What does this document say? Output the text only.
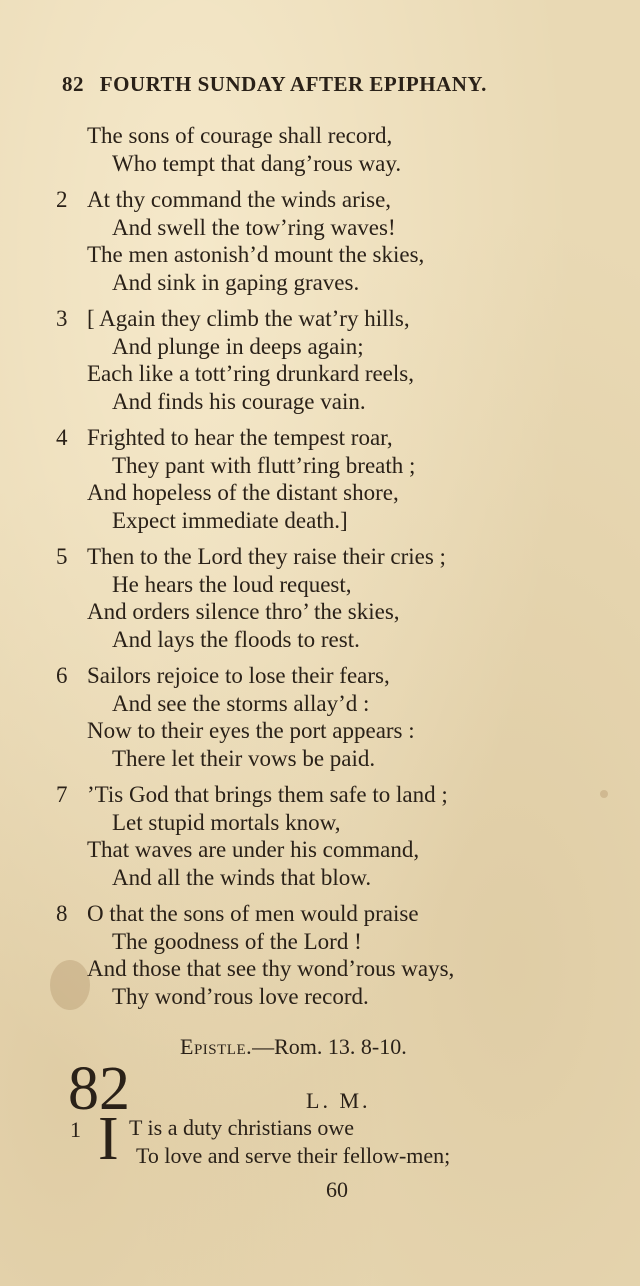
82 FOURTH SUNDAY AFTER EPIPHANY.
The sons of courage shall record,
Who tempt that dang’rous way.
2 At thy command the winds arise,
And swell the tow’ring waves!
The men astonish’d mount the skies,
And sink in gaping graves.
3 [ Again they climb the wat’ry hills,
And plunge in deeps again;
Each like a tott’ring drunkard reels,
And finds his courage vain.
4 Frighted to hear the tempest roar,
They pant with flutt’ring breath ;
And hopeless of the distant shore,
Expect immediate death.]
5 Then to the Lord they raise their cries ;
He hears the loud request,
And orders silence thro’ the skies,
And lays the floods to rest.
6 Sailors rejoice to lose their fears,
And see the storms allay’d :
Now to their eyes the port appears :
There let their vows be paid.
7 ’Tis God that brings them safe to land ;
Let stupid mortals know,
That waves are under his command,
And all the winds that blow.
8 O that the sons of men would praise
The goodness of the Lord !
And those that see thy wond’rous ways,
Thy wond’rous love record.
Epistle.—Rom. 13. 8-10.
82	L. M.
1 I T is a duty christians owe
To love and serve their fellow-men;
60
